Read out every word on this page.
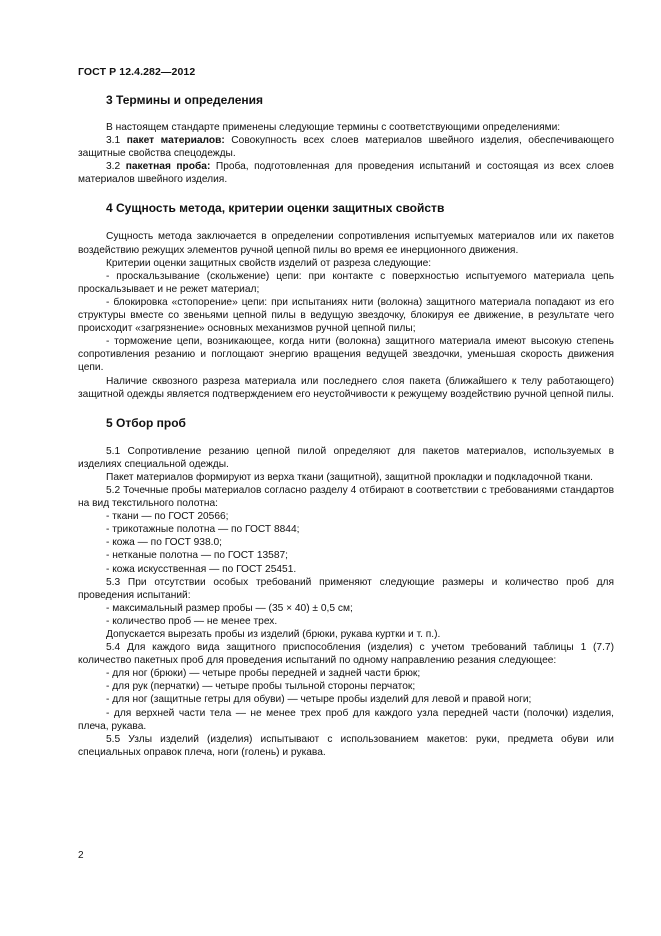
ГОСТ Р 12.4.282—2012
3 Термины и определения

В настоящем стандарте применены следующие термины с соответствующими определениями:

3.1 пакет материалов: Совокупность всех слоев материалов швейного изделия, обеспечивающего защитные свойства спецодежды.

3.2 пакетная проба: Проба, подготовленная для проведения испытаний и состоящая из всех слоев материалов швейного изделия.

4 Сущность метода, критерии оценки защитных свойств

Сущность метода заключается в определении сопротивления испытуемых материалов или их пакетов воздействию режущих элементов ручной цепной пилы во время ее инерционного движения.

Критерии оценки защитных свойств изделий от разреза следующие:

- проскальзывание (скольжение) цепи: при контакте с поверхностью испытуемого материала цепь проскальзывает и не режет материал;

- блокировка «стопорение» цепи: при испытаниях нити (волокна) защитного материала попадают из его структуры вместе со звеньями цепной пилы в ведущую звездочку, блокируя ее движение, в результате чего происходит «загрязнение» основных механизмов ручной цепной пилы;

- торможение цепи, возникающее, когда нити (волокна) защитного материала имеют высокую степень сопротивления резанию и поглощают энергию вращения ведущей звездочки, уменьшая скорость движения цепи.

Наличие сквозного разреза материала или последнего слоя пакета (ближайшего к телу работающего) защитной одежды является подтверждением его неустойчивости к режущему воздействию ручной цепной пилы.

5 Отбор проб

5.1 Сопротивление резанию цепной пилой определяют для пакетов материалов, используемых в изделиях специальной одежды.

Пакет материалов формируют из верха ткани (защитной), защитной прокладки и подкладочной ткани.

5.2 Точечные пробы материалов согласно разделу 4 отбирают в соответствии с требованиями стандартов на вид текстильного полотна:

- ткани — по ГОСТ 20566;

- трикотажные полотна — по ГОСТ 8844;

- кожа — по ГОСТ 938.0;

- нетканые полотна — по ГОСТ 13587;

- кожа искусственная — по ГОСТ 25451.

5.3 При отсутствии особых требований применяют следующие размеры и количество проб для проведения испытаний:

- максимальный размер пробы — (35 × 40) ± 0,5 см;

- количество проб — не менее трех.

Допускается вырезать пробы из изделий (брюки, рукава куртки и т. п.).

5.4 Для каждого вида защитного приспособления (изделия) с учетом требований таблицы 1 (7.7) количество пакетных проб для проведения испытаний по одному направлению резания следующее:

- для ног (брюки) — четыре пробы передней и задней части брюк;

- для рук (перчатки) — четыре пробы тыльной стороны перчаток;

- для ног (защитные гетры для обуви) — четыре пробы изделий для левой и правой ноги;

- для верхней части тела — не менее трех проб для каждого узла передней части (полочки) изделия, плеча, рукава.

5.5 Узлы изделий (изделия) испытывают с использованием макетов: руки, предмета обуви или специальных оправок плеча, ноги (голень) и рукава.

2
